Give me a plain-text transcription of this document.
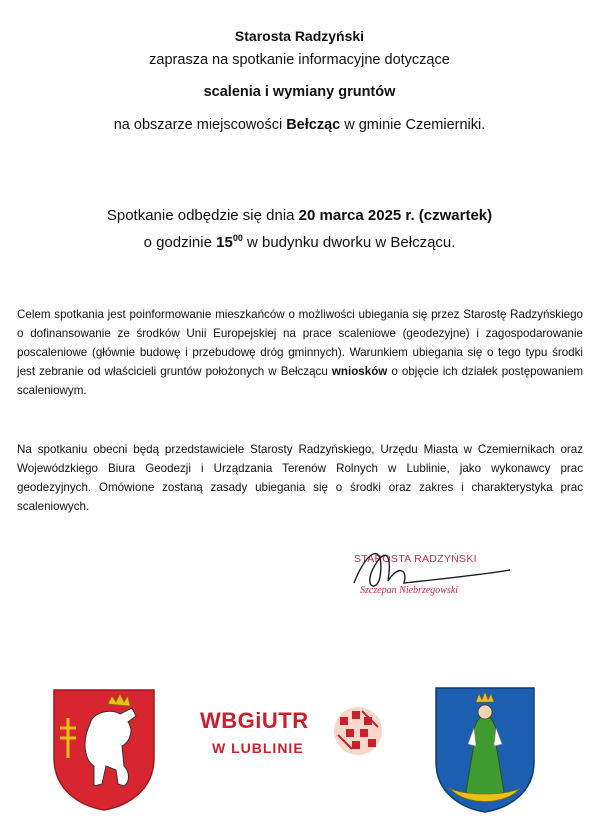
Starosta Radzyński
zaprasza na spotkanie informacyjne dotyczące
scalenia i wymiany gruntów
na obszarze miejscowości Bełcząc w gminie Czemierniki.
Spotkanie odbędzie się dnia 20 marca 2025 r. (czwartek)
o godzinie $15^{00}$ w budynku dworku w Bełcząc​u.
Celem spotkania jest poinformowanie mieszkańców o możliwości ubiegania się przez Starostę Radzyńskiego o dofinansowanie ze środków Unii Europejskiej na prace scaleniowe (geodezyjne) i zagospodarowanie poscaleniowe (głównie budowę i przebudowę dróg gminnych). Warunkiem ubiegania się o tego typu środki jest zebranie od właścicieli gruntów położonych w Bełcząc​u wniosków o objęcie ich działek postępowaniem scaleniowym.
Na spotkaniu obecni będą przedstawiciele Starosty Radzyńskiego, Urzędu Miasta w Czemiernikach oraz Wojewódzkiego Biura Geodezji i Urządzania Terenów Rolnych w Lublinie, jako wykonawcy prac geodezyjnych. Omówione zostaną zasady ubiegania się o środki oraz zakres i charakterystyka prac scaleniowych.
STAROSTA RADZYŃSKI
Szczepan Niebrzegowski
WBGiUTR
W LUBLINIE
